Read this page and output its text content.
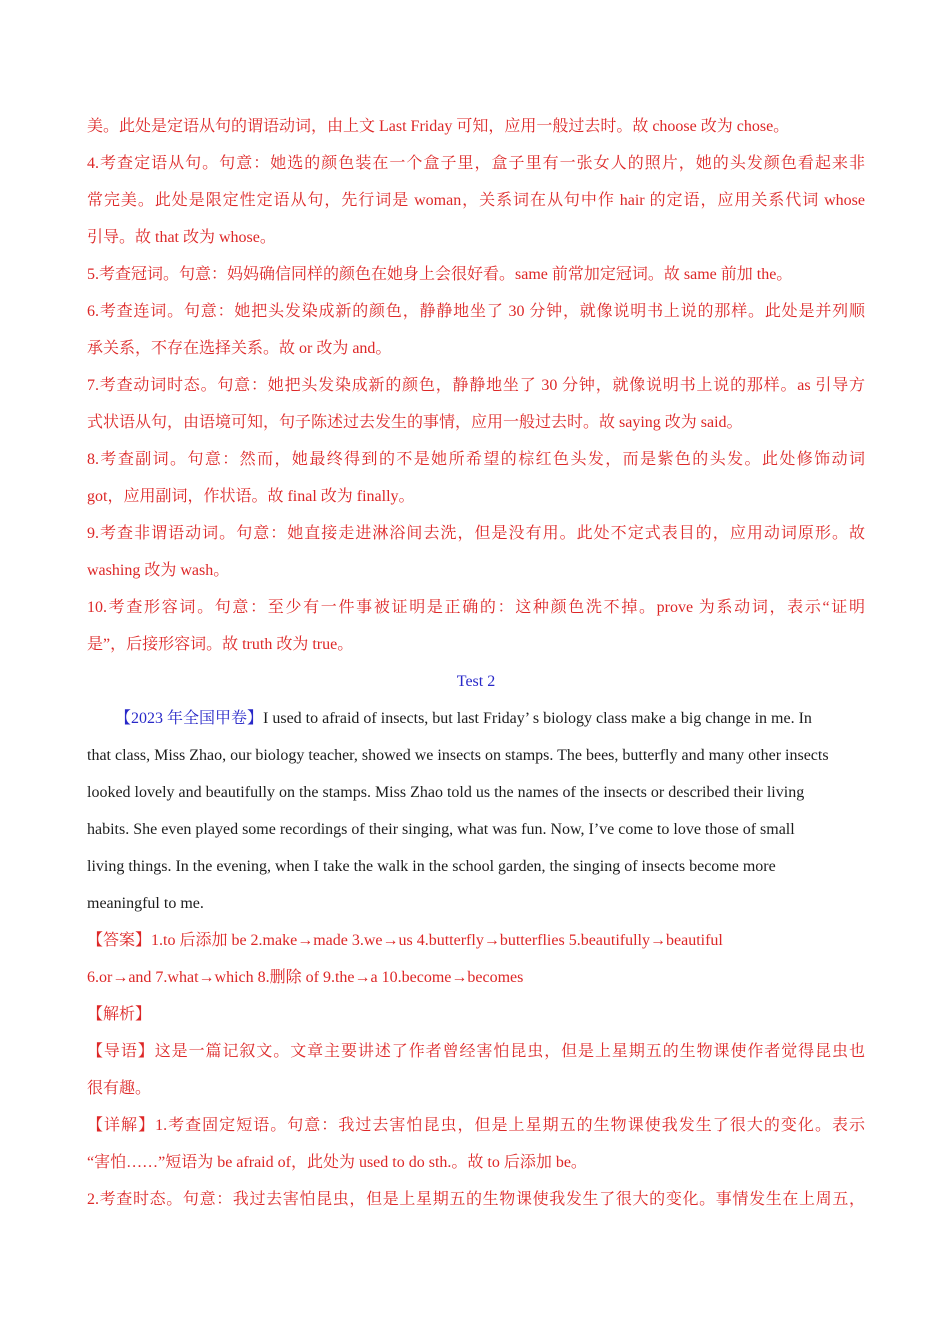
美。此处是定语从句的谓语动词，由上文 Last Friday 可知，应用一般过去时。故 choose 改为 chose。
4.考查定语从句。句意：她选的颜色装在一个盒子里，盒子里有一张女人的照片，她的头发颜色看起来非
常完美。此处是限定性定语从句，先行词是 woman，关系词在从句中作 hair 的定语，应用关系代词 whose
引导。故 that 改为 whose。
5.考查冠词。句意：妈妈确信同样的颜色在她身上会很好看。same 前常加定冠词。故 same 前加 the。
6.考查连词。句意：她把头发染成新的颜色，静静地坐了 30 分钟，就像说明书上说的那样。此处是并列顺
承关系，不存在选择关系。故 or 改为 and。
7.考查动词时态。句意：她把头发染成新的颜色，静静地坐了 30 分钟，就像说明书上说的那样。as 引导方
式状语从句，由语境可知，句子陈述过去发生的事情，应用一般过去时。故 saying 改为 said。
8.考查副词。句意：然而，她最终得到的不是她所希望的棕红色头发，而是紫色的头发。此处修饰动词
got，应用副词，作状语。故 final 改为 finally。
9.考查非谓语动词。句意：她直接走进淋浴间去洗，但是没有用。此处不定式表目的，应用动词原形。故
washing 改为 wash。
10.考查形容词。句意：至少有一件事被证明是正确的：这种颜色洗不掉。prove 为系动词，表示“证明
是”，后接形容词。故 truth 改为 true。
Test 2
【2023 年全国甲卷】I used to afraid of insects, but last Friday’ s biology class make a big change in me. In
that class, Miss Zhao, our biology teacher, showed we insects on stamps. The bees, butterfly and many other insects
looked lovely and beautifully on the stamps. Miss Zhao told us the names of the insects or described their living
habits. She even played some recordings of their singing, what was fun. Now, I’ve come to love those of small
living things. In the evening, when I take the walk in the school garden, the singing of insects become more
meaningful to me.
【答案】1.to 后添加 be 2.make→made 3.we→us 4.butterfly→butterflies 5.beautifully→beautiful
6.or→and 7.what→which 8.删除 of 9.the→a 10.become→becomes
【解析】
【导语】这是一篇记叙文。文章主要讲述了作者曾经害怕昆虫，但是上星期五的生物课使作者觉得昆虫也
很有趣。
【详解】1.考查固定短语。句意：我过去害怕昆虫，但是上星期五的生物课使我发生了很大的变化。表示
“害怕……”短语为 be afraid of，此处为 used to do sth.。故 to 后添加 be。
2.考查时态。句意：我过去害怕昆虫，但是上星期五的生物课使我发生了很大的变化。事情发生在上周五，
